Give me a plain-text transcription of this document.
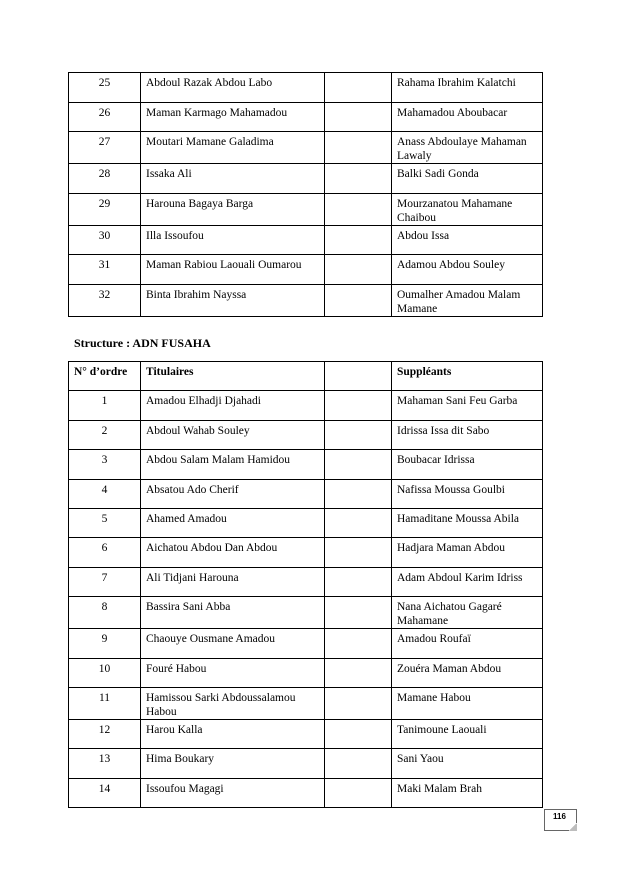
25	Abdoul Razak Abdou Labo		Rahama Ibrahim Kalatchi
26	Maman Karmago Mahamadou		Mahamadou Aboubacar
27	Moutari Mamane Galadima		Anass Abdoulaye Mahaman Lawaly
28	Issaka Ali		Balki Sadi Gonda
29	Harouna Bagaya Barga		Mourzanatou Mahamane Chaibou
30	Illa Issoufou		Abdou Issa
31	Maman Rabiou Laouali Oumarou		Adamou Abdou Souley
32	Binta Ibrahim Nayssa		Oumalher Amadou Malam Mamane
Structure : ADN FUSAHA
N° d’ordre	Titulaires		Suppléants
1	Amadou Elhadji Djahadi		Mahaman Sani Feu Garba
2	Abdoul Wahab Souley		Idrissa Issa dit Sabo
3	Abdou Salam Malam Hamidou		Boubacar Idrissa
4	Absatou Ado Cherif		Nafissa Moussa Goulbi
5	Ahamed Amadou		Hamaditane Moussa Abila
6	Aichatou Abdou Dan Abdou		Hadjara Maman Abdou
7	Ali Tidjani Harouna		Adam Abdoul Karim Idriss
8	Bassira Sani Abba		Nana Aichatou Gagaré Mahamane
9	Chaouye Ousmane Amadou		Amadou Roufaï
10	Fouré Habou		Zouéra Maman Abdou
11	Hamissou Sarki Abdoussalamou Habou		Mamane Habou
12	Harou Kalla		Tanimoune Laouali
13	Hima Boukary		Sani Yaou
14	Issoufou Magagi		Maki Malam Brah
116
